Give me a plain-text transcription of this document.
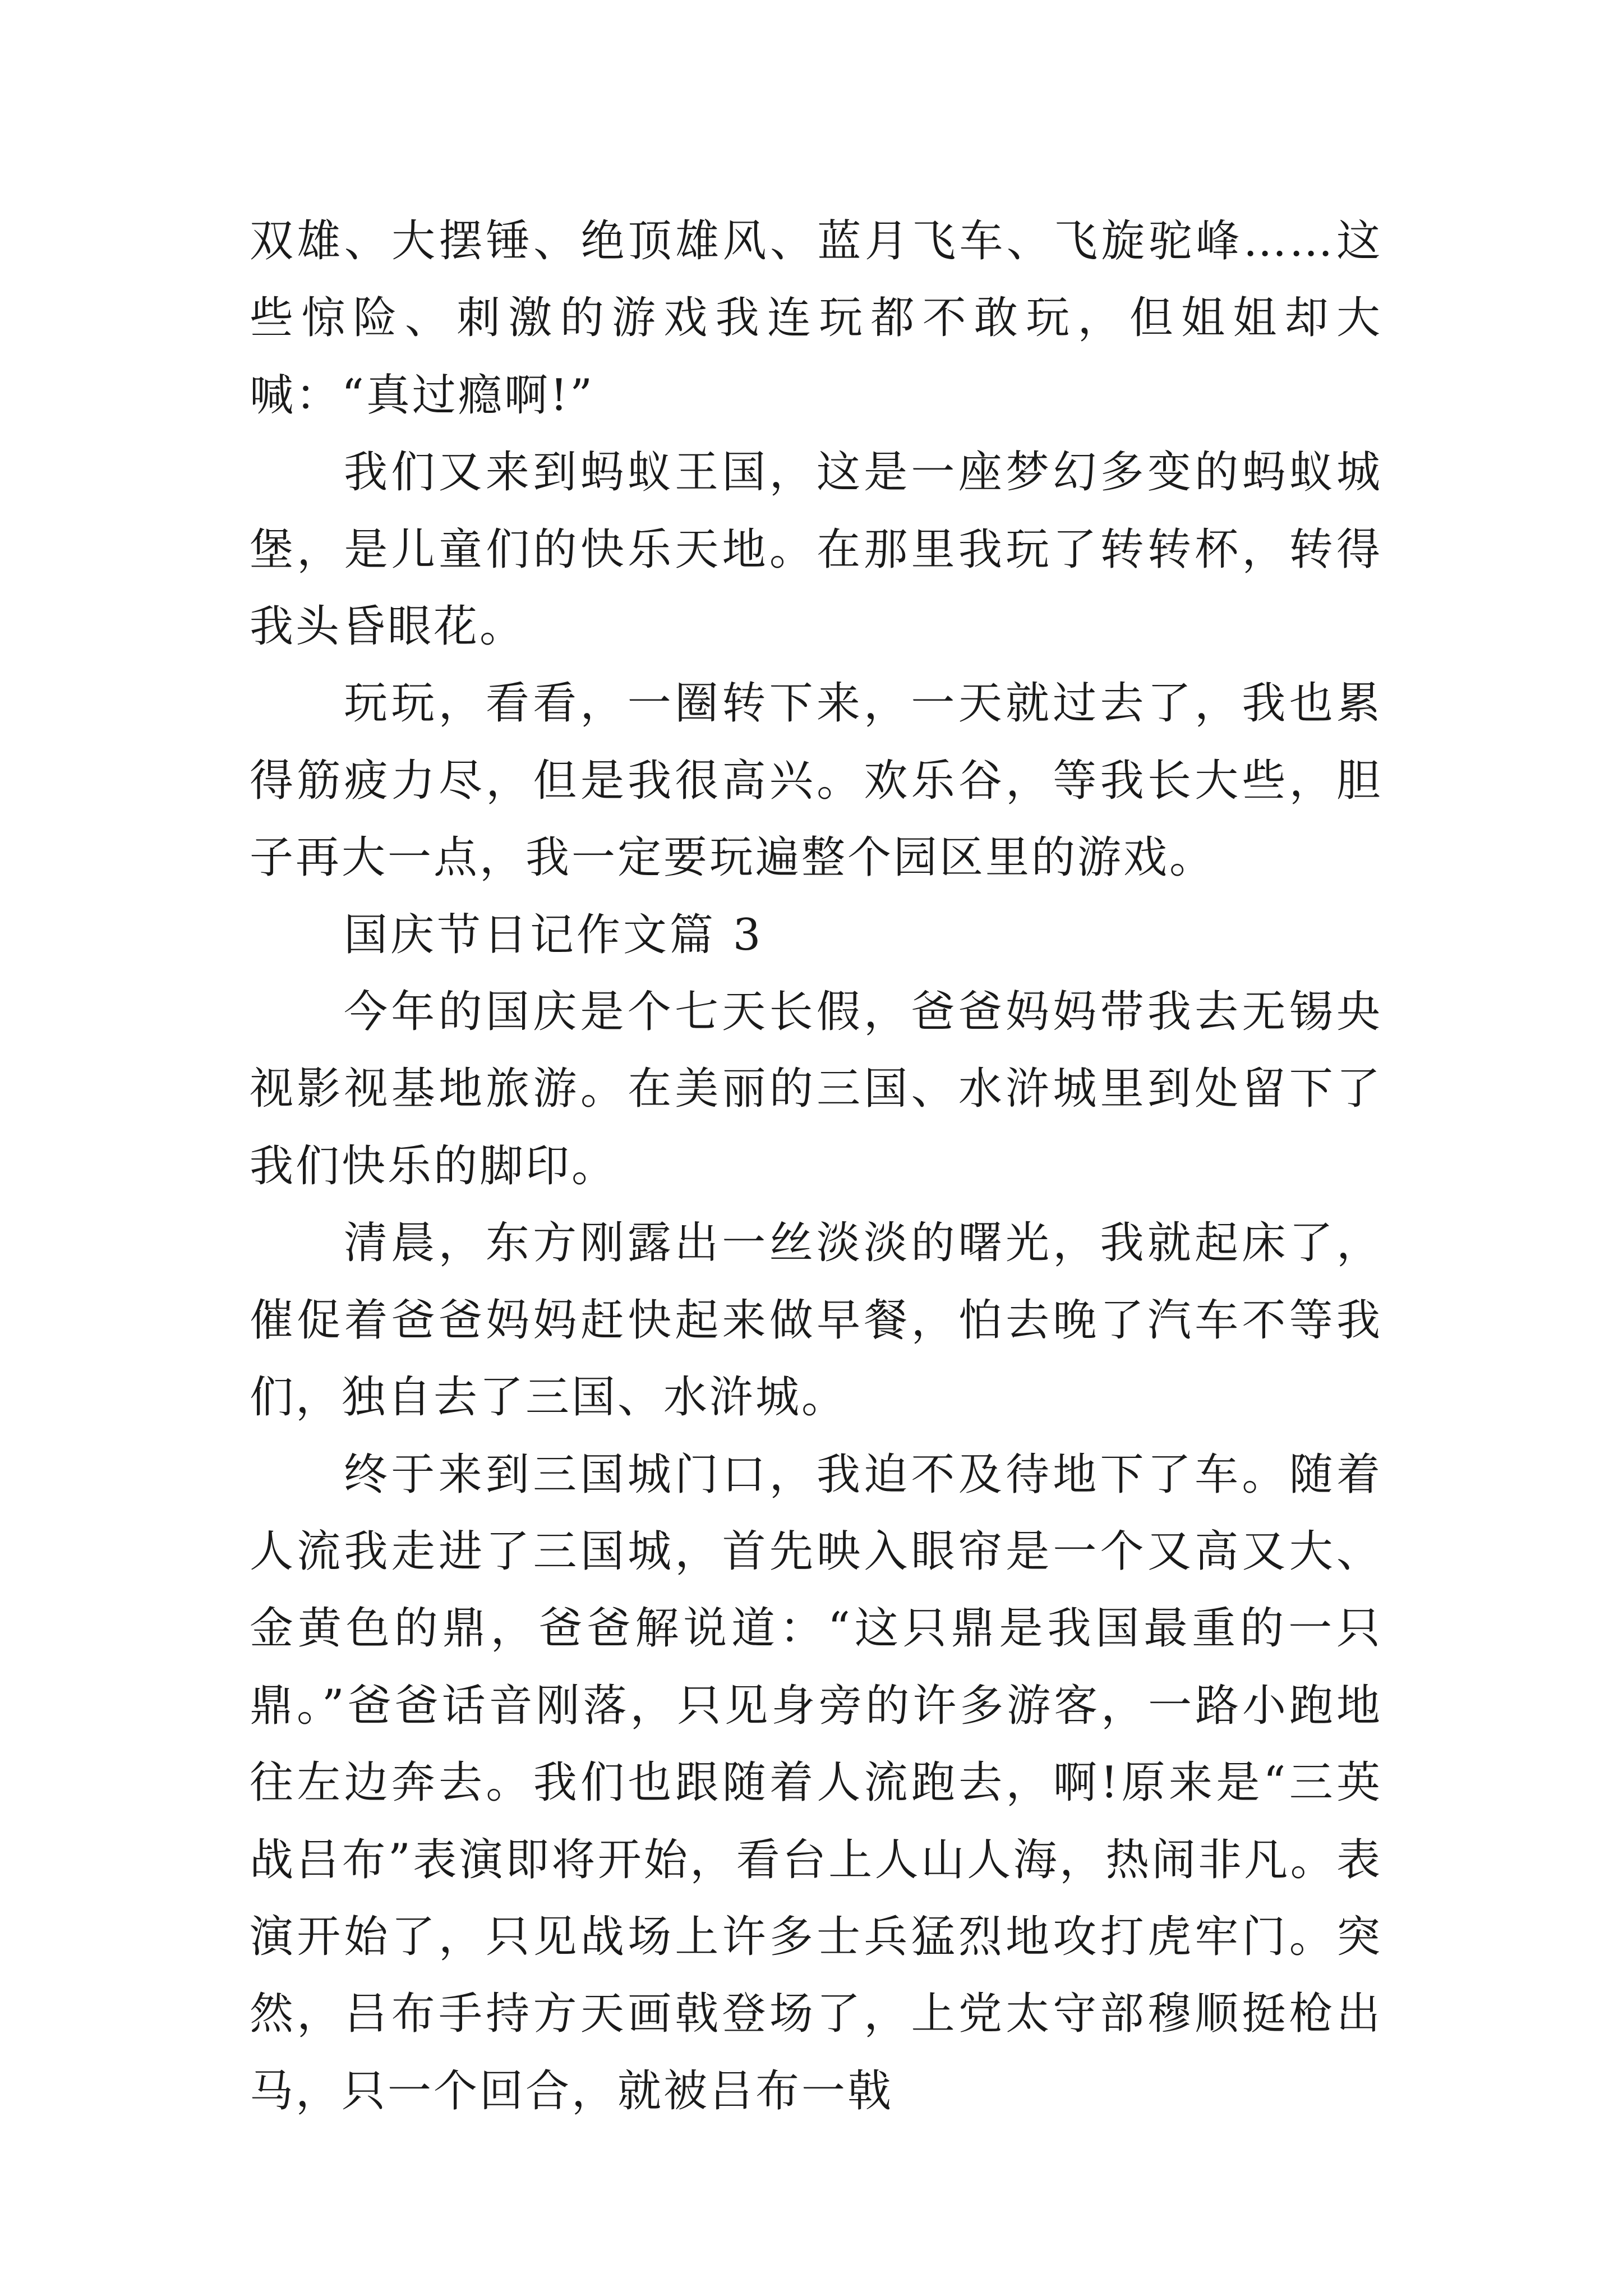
双雄、大摆锤、绝顶雄风、蓝月飞车、飞旋驼峰……这些惊险、刺激的游戏我连玩都不敢玩，但姐姐却大喊：“真过瘾啊!”

我们又来到蚂蚁王国，这是一座梦幻多变的蚂蚁城堡，是儿童们的快乐天地。在那里我玩了转转杯，转得我头昏眼花。

玩玩，看看，一圈转下来，一天就过去了，我也累得筋疲力尽，但是我很高兴。欢乐谷，等我长大些，胆子再大一点，我一定要玩遍整个园区里的游戏。

国庆节日记作文篇 3

今年的国庆是个七天长假，爸爸妈妈带我去无锡央视影视基地旅游。在美丽的三国、水浒城里到处留下了我们快乐的脚印。

清晨，东方刚露出一丝淡淡的曙光，我就起床了，催促着爸爸妈妈赶快起来做早餐，怕去晚了汽车不等我们，独自去了三国、水浒城。

终于来到三国城门口，我迫不及待地下了车。随着人流我走进了三国城，首先映入眼帘是一个又高又大、金黄色的鼎，爸爸解说道：“这只鼎是我国最重的一只鼎。”爸爸话音刚落，只见身旁的许多游客，一路小跑地往左边奔去。我们也跟随着人流跑去，啊!原来是“三英战吕布”表演即将开始，看台上人山人海，热闹非凡。表演开始了，只见战场上许多士兵猛烈地攻打虎牢门。突然，吕布手持方天画戟登场了，上党太守部穆顺挺枪出马，只一个回合，就被吕布一戟
